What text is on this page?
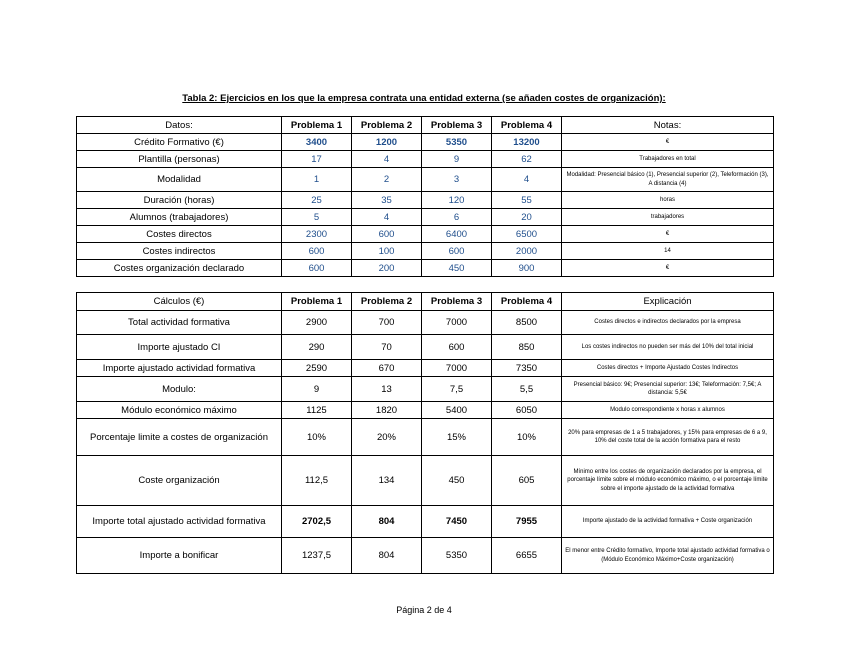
Tabla 2: Ejercicios en los que la empresa contrata una entidad externa (se añaden costes de organización):
Datos:	Problema 1	Problema 2	Problema 3	Problema 4	Notas:
Crédito Formativo (€)	3400	1200	5350	13200	€
Plantilla (personas)	17	4	9	62	Trabajadores en total
Modalidad	1	2	3	4	Modalidad: Presencial básico (1), Presencial superior (2), Teleformación (3), A distancia (4)
Duración (horas)	25	35	120	55	horas
Alumnos (trabajadores)	5	4	6	20	trabajadores
Costes directos	2300	600	6400	6500	€
Costes indirectos	600	100	600	2000	14
Costes organización declarado	600	200	450	900	€
Cálculos (€)	Problema 1	Problema 2	Problema 3	Problema 4	Explicación
Total actividad formativa	2900	700	7000	8500	Costes directos e indirectos declarados por la empresa
Importe ajustado CI	290	70	600	850	Los costes indirectos no pueden ser más del 10% del total inicial
Importe ajustado actividad formativa	2590	670	7000	7350	Costes directos + Importe Ajustado Costes Indirectos
Modulo:	9	13	7,5	5,5	Presencial básico: 9€; Presencial superior: 13€; Teleformación: 7,5€; A distancia: 5,5€
Módulo económico máximo	1125	1820	5400	6050	Modulo correspondiente x horas x alumnos
Porcentaje limite a costes de organización	10%	20%	15%	10%	20% para empresas de 1 a 5 trabajadores, y 15% para empresas de 6 a 9, 10% del coste total de la acción formativa para el resto
Coste organización	112,5	134	450	605	Mínimo entre los costes de organización declarados por la empresa, el porcentaje límite sobre el módulo económico máximo, o el porcentaje límite sobre el importe ajustado de la actividad formativa
Importe total ajustado actividad formativa	2702,5	804	7450	7955	Importe ajustado de la actividad formativa + Coste organización
Importe a bonificar	1237,5	804	5350	6655	El menor entre Crédito formativo, Importe total ajustado actividad formativa o (Módulo Económico Máximo+Coste organización)
Página 2 de 4
